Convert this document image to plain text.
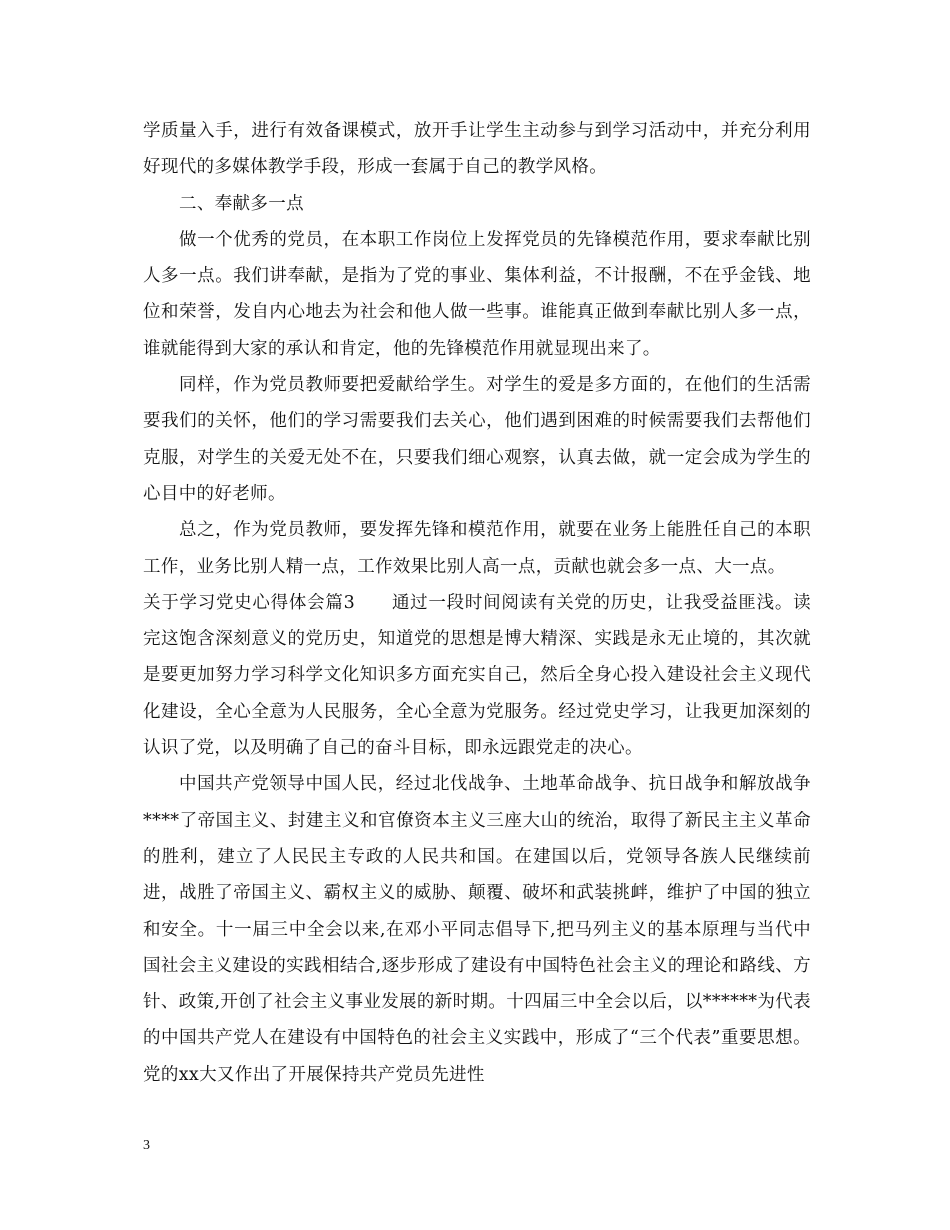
学质量入手，进行有效备课模式，放开手让学生主动参与到学习活动中，并充分利用好现代的多媒体教学手段，形成一套属于自己的教学风格。

二、奉献多一点

做一个优秀的党员，在本职工作岗位上发挥党员的先锋模范作用，要求奉献比别人多一点。我们讲奉献，是指为了党的事业、集体利益，不计报酬，不在乎金钱、地位和荣誉，发自内心地去为社会和他人做一些事。谁能真正做到奉献比别人多一点，谁就能得到大家的承认和肯定，他的先锋模范作用就显现出来了。

同样，作为党员教师要把爱献给学生。对学生的爱是多方面的，在他们的生活需要我们的关怀，他们的学习需要我们去关心，他们遇到困难的时候需要我们去帮他们克服，对学生的关爱无处不在，只要我们细心观察，认真去做，就一定会成为学生的心目中的好老师。

总之，作为党员教师，要发挥先锋和模范作用，就要在业务上能胜任自己的本职工作，业务比别人精一点，工作效果比别人高一点，贡献也就会多一点、大一点。

关于学习党史心得体会篇3　　通过一段时间阅读有关党的历史，让我受益匪浅。读完这饱含深刻意义的党历史，知道党的思想是博大精深、实践是永无止境的，其次就是要更加努力学习科学文化知识多方面充实自己，然后全身心投入建设社会主义现代化建设，全心全意为人民服务，全心全意为党服务。经过党史学习，让我更加深刻的认识了党，以及明确了自己的奋斗目标，即永远跟党走的决心。

中国共产党领导中国人民，经过北伐战争、土地革命战争、抗日战争和解放战争****了帝国主义、封建主义和官僚资本主义三座大山的统治，取得了新民主主义革命的胜利，建立了人民民主专政的人民共和国。在建国以后，党领导各族人民继续前进，战胜了帝国主义、霸权主义的威胁、颠覆、破坏和武装挑衅，维护了中国的独立和安全。十一届三中全会以来,在邓小平同志倡导下,把马列主义的基本原理与当代中国社会主义建设的实践相结合,逐步形成了建设有中国特色社会主义的理论和路线、方针、政策,开创了社会主义事业发展的新时期。十四届三中全会以后，以******为代表的中国共产党人在建设有中国特色的社会主义实践中，形成了“三个代表”重要思想。党的xx大又作出了开展保持共产党员先进性

3
